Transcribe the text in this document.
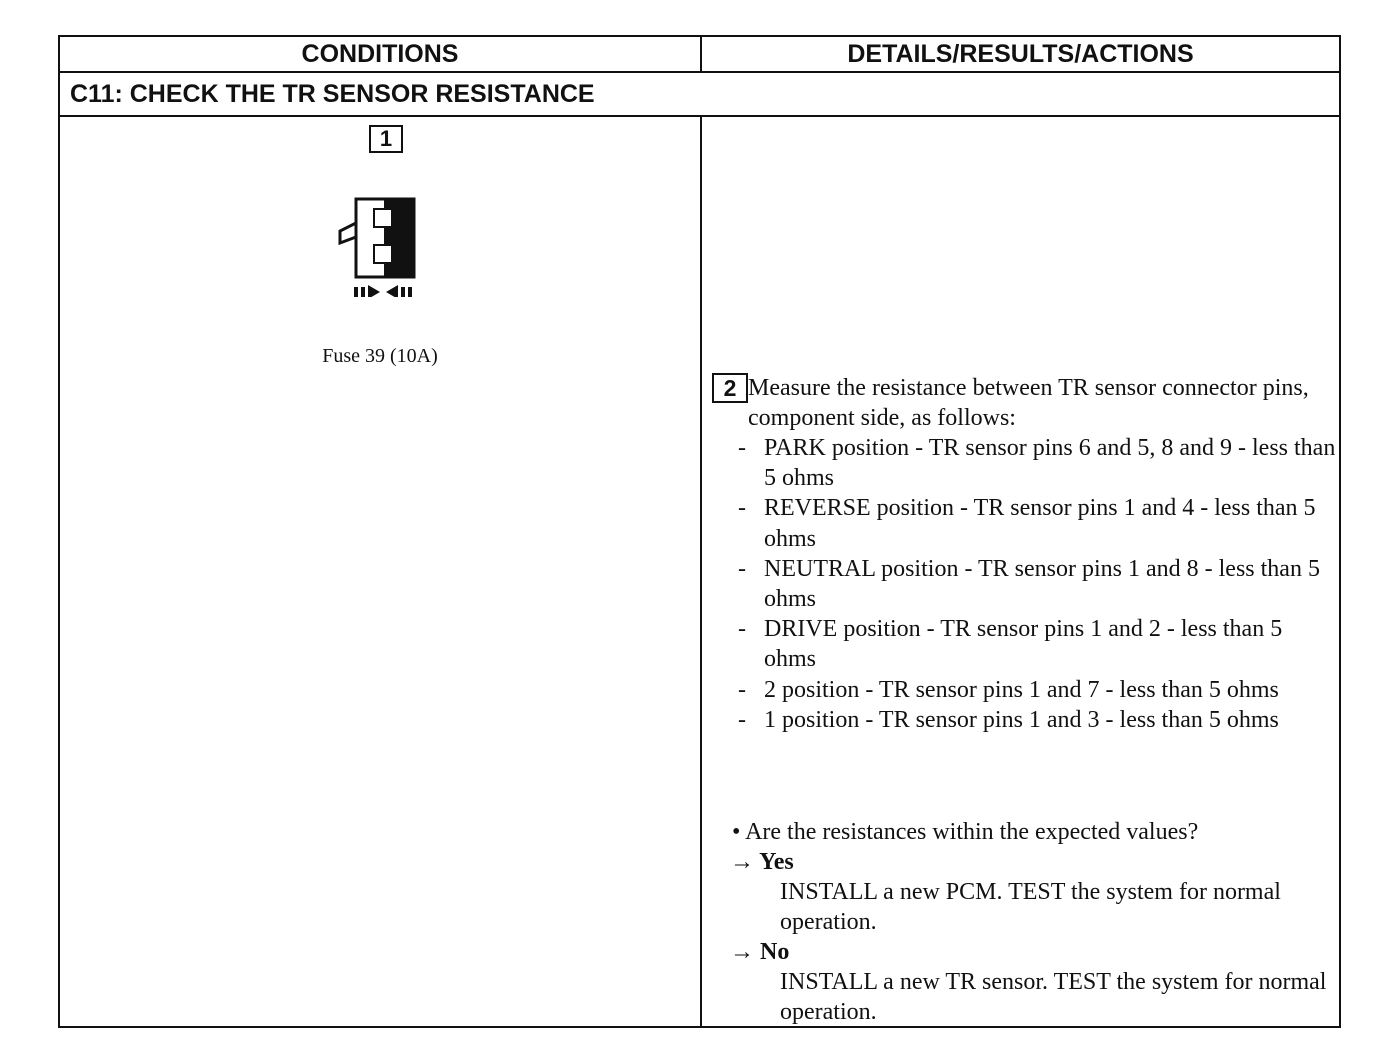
CONDITIONS	DETAILS/RESULTS/ACTIONS
C11: CHECK THE TR SENSOR RESISTANCE
1
Fuse 39 (10A)
2 Measure the resistance between TR sensor connector pins, component side, as follows:
- PARK position - TR sensor pins 6 and 5, 8 and 9 - less than 5 ohms
- REVERSE position - TR sensor pins 1 and 4 - less than 5 ohms
- NEUTRAL position - TR sensor pins 1 and 8 - less than 5 ohms
- DRIVE position - TR sensor pins 1 and 2 - less than 5 ohms
- 2 position - TR sensor pins 1 and 7 - less than 5 ohms
- 1 position - TR sensor pins 1 and 3 - less than 5 ohms
• Are the resistances within the expected values?
→ Yes
INSTALL a new PCM. TEST the system for normal operation.
→ No
INSTALL a new TR sensor. TEST the system for normal operation.
